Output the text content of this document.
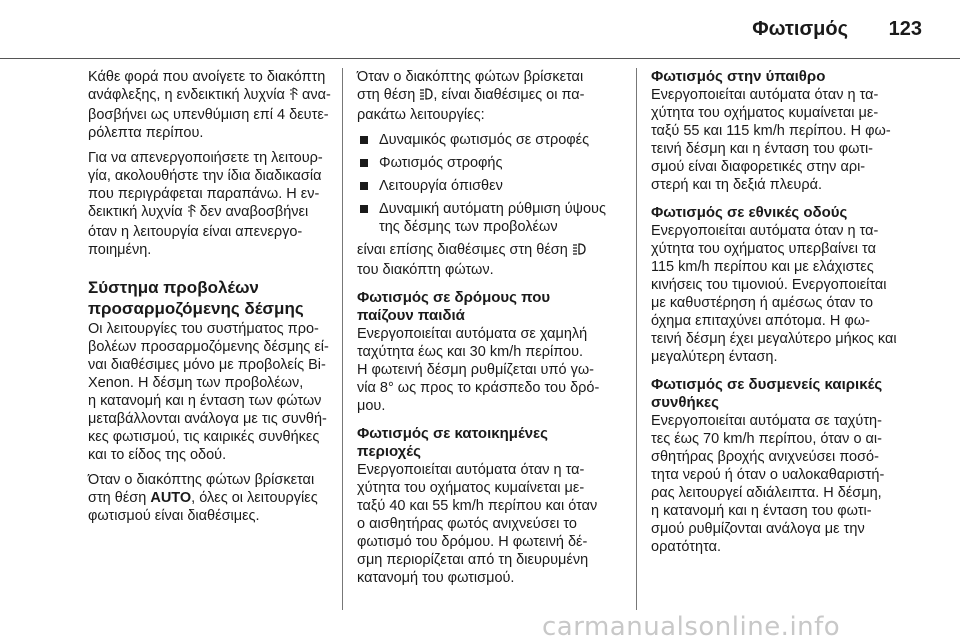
Φωτισμός 123
Κάθε φορά που ανοίγετε το διακόπτη
ανάφλεξης, η ενδεικτική λυχνία ανα-
βοσβήνει ως υπενθύμιση επί 4 δευτε-
ρόλεπτα περίπου.
Για να απενεργοποιήσετε τη λειτουρ-
γία, ακολουθήστε την ίδια διαδικασία
που περιγράφεται παραπάνω. Η εν-
δεικτική λυχνία δεν αναβοσβήνει
όταν η λειτουργία είναι απενεργο-
ποιημένη.
Σύστημα προβολέων
προσαρμοζόμενης δέσμης
Οι λειτουργίες του συστήματος προ-
βολέων προσαρμοζόμενης δέσμης εί-
ναι διαθέσιμες μόνο με προβολείς Bi-
Xenon. Η δέσμη των προβολέων,
η κατανομή και η ένταση των φώτων
μεταβάλλονται ανάλογα με τις συνθή-
κες φωτισμού, τις καιρικές συνθήκες
και το είδος της οδού.
Όταν ο διακόπτης φώτων βρίσκεται
στη θέση AUTO, όλες οι λειτουργίες
φωτισμού είναι διαθέσιμες.
Όταν ο διακόπτης φώτων βρίσκεται
στη θέση , είναι διαθέσιμες οι πα-
ρακάτω λειτουργίες:
Δυναμικός φωτισμός σε στροφές
Φωτισμός στροφής
Λειτουργία όπισθεν
Δυναμική αυτόματη ρύθμιση ύψους
της δέσμης των προβολέων
είναι επίσης διαθέσιμες στη θέση
του διακόπτη φώτων.
Φωτισμός σε δρόμους που
παίζουν παιδιά
Ενεργοποιείται αυτόματα σε χαμηλή
ταχύτητα έως και 30 km/h περίπου.
Η φωτεινή δέσμη ρυθμίζεται υπό γω-
νία 8° ως προς το κράσπεδο του δρό-
μου.
Φωτισμός σε κατοικημένες
περιοχές
Ενεργοποιείται αυτόματα όταν η τα-
χύτητα του οχήματος κυμαίνεται με-
ταξύ 40 και 55 km/h περίπου και όταν
ο αισθητήρας φωτός ανιχνεύσει το
φωτισμό του δρόμου. Η φωτεινή δέ-
σμη περιορίζεται από τη διευρυμένη
κατανομή του φωτισμού.
Φωτισμός στην ύπαιθρο
Ενεργοποιείται αυτόματα όταν η τα-
χύτητα του οχήματος κυμαίνεται με-
ταξύ 55 και 115 km/h περίπου. Η φω-
τεινή δέσμη και η ένταση του φωτι-
σμού είναι διαφορετικές στην αρι-
στερή και τη δεξιά πλευρά.
Φωτισμός σε εθνικές οδούς
Ενεργοποιείται αυτόματα όταν η τα-
χύτητα του οχήματος υπερβαίνει τα
115 km/h περίπου και με ελάχιστες
κινήσεις του τιμονιού. Ενεργοποιείται
με καθυστέρηση ή αμέσως όταν το
όχημα επιταχύνει απότομα. Η φω-
τεινή δέσμη έχει μεγαλύτερο μήκος και
μεγαλύτερη ένταση.
Φωτισμός σε δυσμενείς καιρικές
συνθήκες
Ενεργοποιείται αυτόματα σε ταχύτη-
τες έως 70 km/h περίπου, όταν ο αι-
σθητήρας βροχής ανιχνεύσει ποσό-
τητα νερού ή όταν ο υαλοκαθαριστή-
ρας λειτουργεί αδιάλειπτα. Η δέσμη,
η κατανομή και η ένταση του φωτι-
σμού ρυθμίζονται ανάλογα με την
ορατότητα.
carmanualsonline.info
